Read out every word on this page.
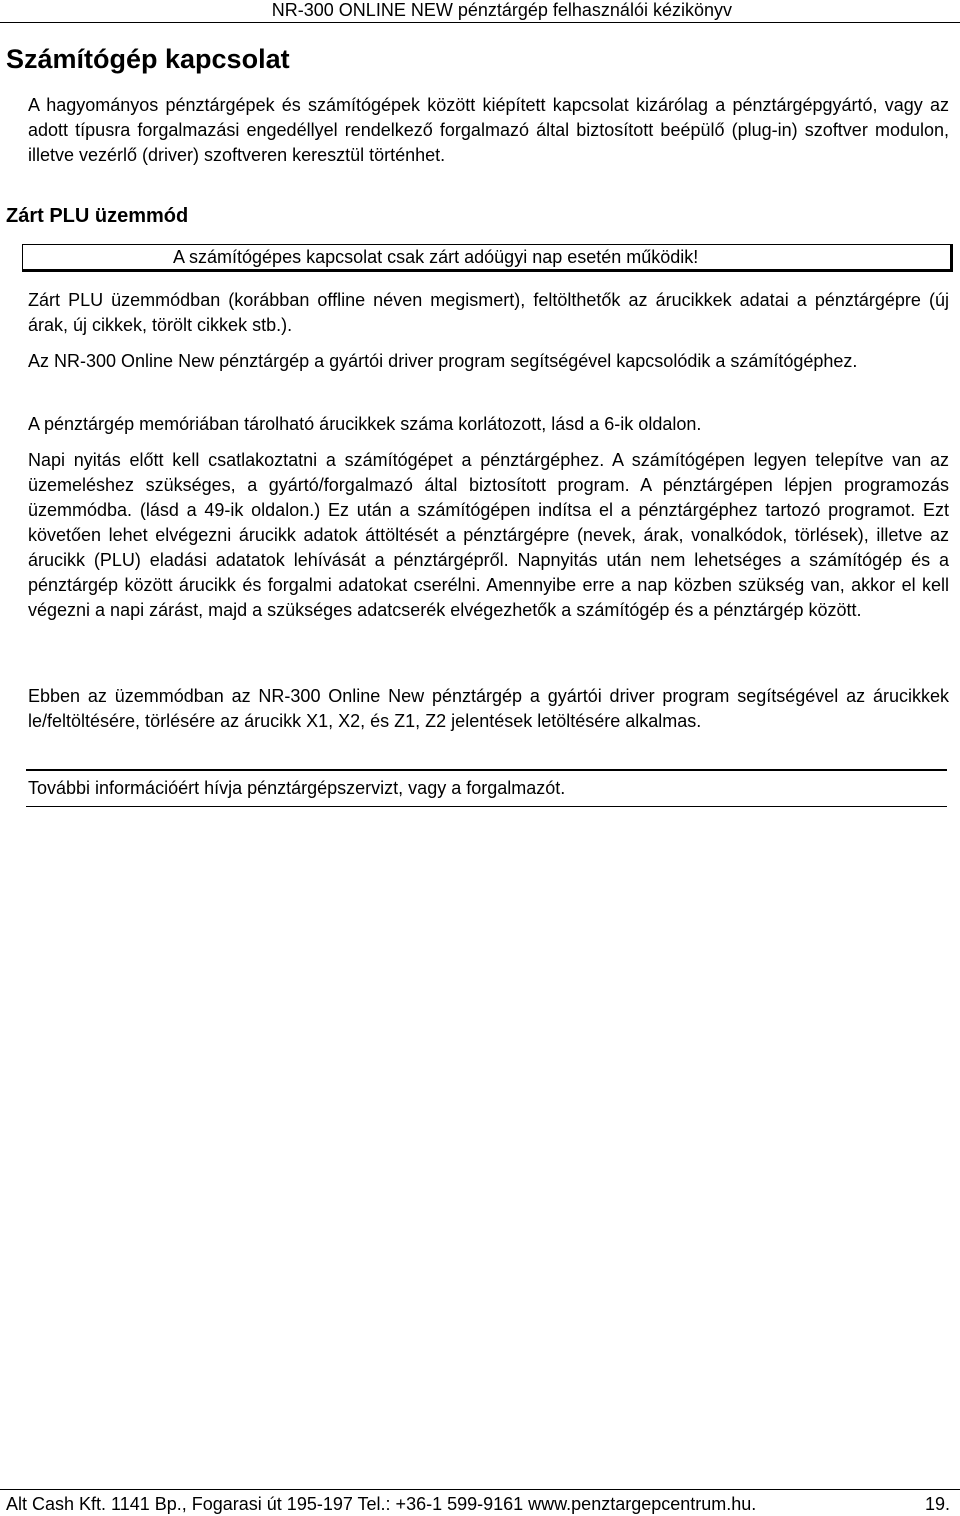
NR-300 ONLINE NEW pénztárgép felhasználói kézikönyv
Számítógép kapcsolat

A hagyományos pénztárgépek és számítógépek között kiépített kapcsolat kizárólag a pénztárgépgyártó, vagy az adott típusra forgalmazási engedéllyel rendelkező forgalmazó által biztosított beépülő (plug-in) szoftver modulon, illetve vezérlő (driver) szoftveren keresztül történhet.

Zárt PLU üzemmód
A számítógépes kapcsolat csak zárt adóügyi nap esetén működik!

Zárt PLU üzemmódban (korábban offline néven megismert), feltölthetők az árucikkek adatai a pénztárgépre (új árak, új cikkek, törölt cikkek stb.).

Az NR-300 Online New pénztárgép a gyártói driver program segítségével kapcsolódik a számítógéphez.

A pénztárgép memóriában tárolható árucikkek száma korlátozott, lásd a 6-ik oldalon.

Napi nyitás előtt kell csatlakoztatni a számítógépet a pénztárgéphez. A számítógépen legyen telepítve van az üzemeléshez szükséges, a gyártó/forgalmazó által biztosított program. A pénztárgépen lépjen programozás üzemmódba. (lásd a 49-ik oldalon.) Ez után a számítógépen indítsa el a pénztárgéphez tartozó programot. Ezt követően lehet elvégezni árucikk adatok áttöltését a pénztárgépre (nevek, árak, vonalkódok, törlések), illetve az árucikk (PLU) eladási adatatok lehívását a pénztárgépről. Napnyitás után nem lehetséges a számítógép és a pénztárgép között árucikk és forgalmi adatokat cserélni. Amennyibe erre a nap közben szükség van, akkor el kell végezni a napi zárást, majd a szükséges adatcserék elvégezhetők a számítógép és a pénztárgép között.

Ebben az üzemmódban az NR-300 Online New pénztárgép a gyártói driver program segítségével az árucikkek le/feltöltésére, törlésére az árucikk X1, X2, és Z1, Z2 jelentések letöltésére alkalmas.

További információért hívja pénztárgépszervizt, vagy a forgalmazót.
Alt Cash Kft. 1141 Bp., Fogarasi út 195-197 Tel.: +36-1 599-9161 www.penztargepcentrum.hu.	19.
